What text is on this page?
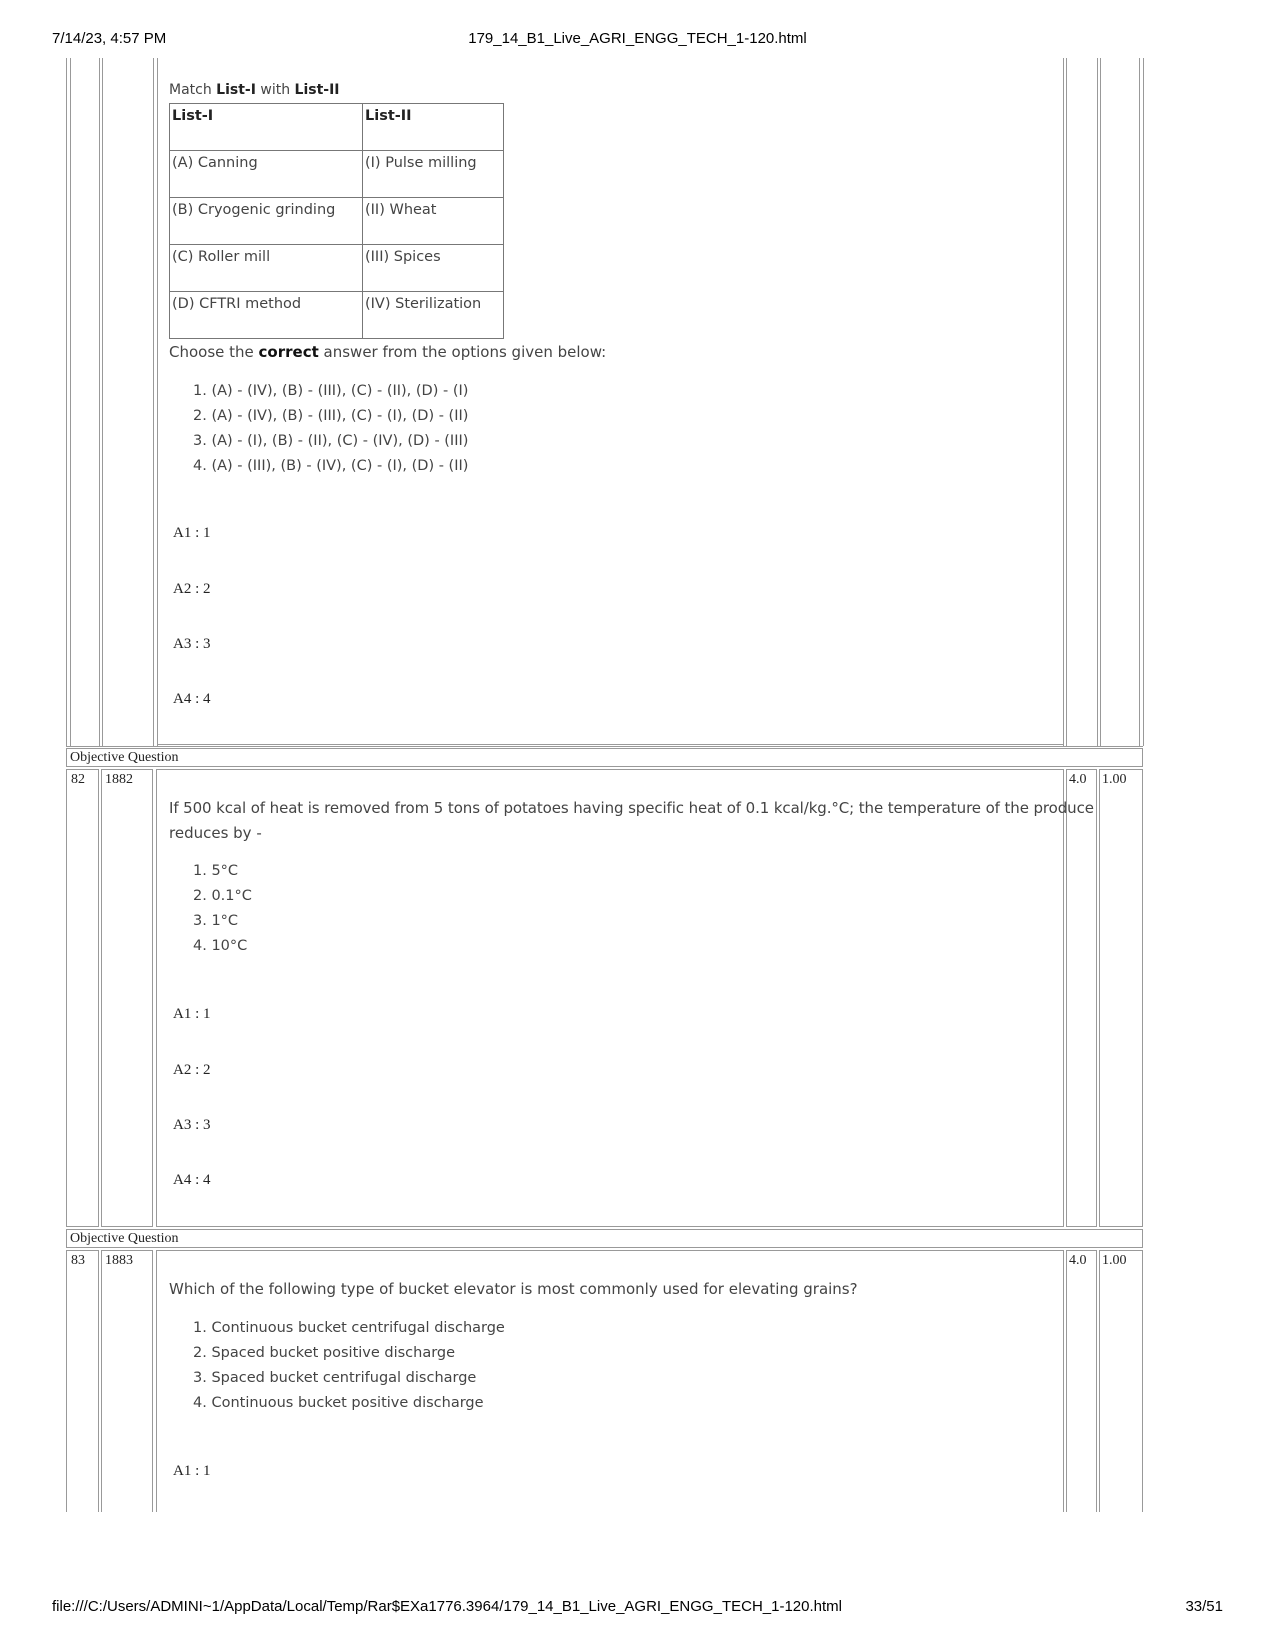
7/14/23, 4:57 PM	179_14_B1_Live_AGRI_ENGG_TECH_1-120.html
Match List-I with List-II
List-I	List-II
(A) Canning	(I) Pulse milling
(B) Cryogenic grinding	(II) Wheat
(C) Roller mill	(III) Spices
(D) CFTRI method	(IV) Sterilization
Choose the correct answer from the options given below:
1. (A) - (IV), (B) - (III), (C) - (II), (D) - (I)
2. (A) - (IV), (B) - (III), (C) - (I), (D) - (II)
3. (A) - (I), (B) - (II), (C) - (IV), (D) - (III)
4. (A) - (III), (B) - (IV), (C) - (I), (D) - (II)
A1 : 1
A2 : 2
A3 : 3
A4 : 4
Objective Question
82 1882	4.0 1.00
If 500 kcal of heat is removed from 5 tons of potatoes having specific heat of 0.1 kcal/kg.°C; the temperature of the produce
reduces by -
1. 5°C
2. 0.1°C
3. 1°C
4. 10°C
A1 : 1
A2 : 2
A3 : 3
A4 : 4
Objective Question
83 1883	4.0 1.00
Which of the following type of bucket elevator is most commonly used for elevating grains?
1. Continuous bucket centrifugal discharge
2. Spaced bucket positive discharge
3. Spaced bucket centrifugal discharge
4. Continuous bucket positive discharge
A1 : 1
file:///C:/Users/ADMINI~1/AppData/Local/Temp/Rar$EXa1776.3964/179_14_B1_Live_AGRI_ENGG_TECH_1-120.html	33/51
